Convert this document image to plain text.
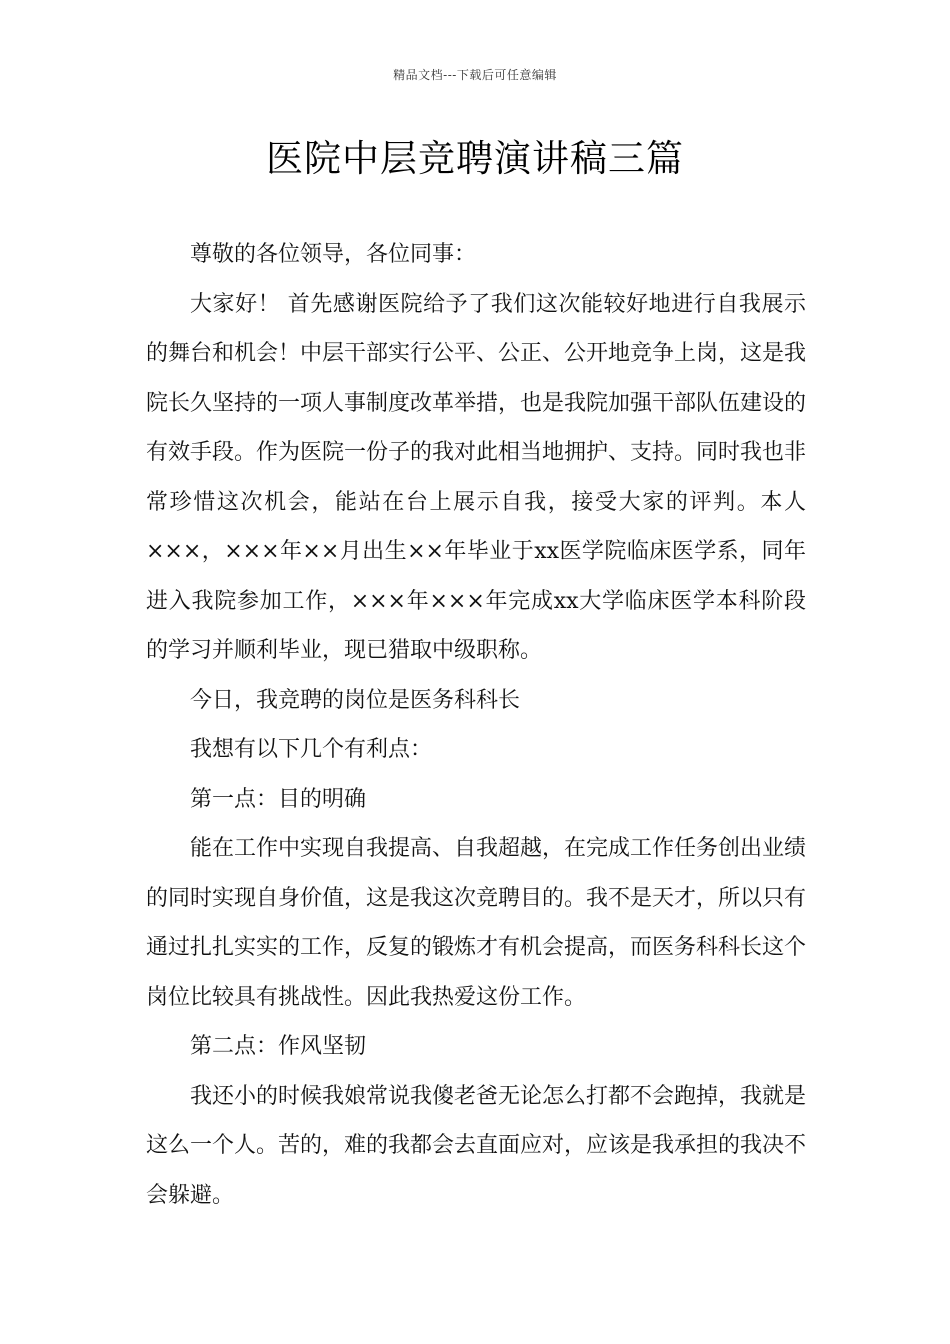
精品文档---下载后可任意编辑
医院中层竞聘演讲稿三篇

尊敬的各位领导，各位同事：

大家好！ 首先感谢医院给予了我们这次能较好地进行自我展示的舞台和机会！中层干部实行公平、公正、公开地竞争上岗，这是我院长久坚持的一项人事制度改革举措，也是我院加强干部队伍建设的有效手段。作为医院一份子的我对此相当地拥护、支持。同时我也非常珍惜这次机会，能站在台上展示自我，接受大家的评判。本人×××，×××年××月出生××年毕业于xx医学院临床医学系，同年进入我院参加工作，×××年×××年完成xx大学临床医学本科阶段的学习并顺利毕业，现已猎取中级职称。

今日，我竞聘的岗位是医务科科长

我想有以下几个有利点：

第一点：目的明确

能在工作中实现自我提高、自我超越，在完成工作任务创出业绩的同时实现自身价值，这是我这次竞聘目的。我不是天才，所以只有通过扎扎实实的工作，反复的锻炼才有机会提高，而医务科科长这个岗位比较具有挑战性。因此我热爱这份工作。

第二点：作风坚韧

我还小的时候我娘常说我傻老爸无论怎么打都不会跑掉，我就是这么一个人。苦的，难的我都会去直面应对，应该是我承担的我决不会躲避。
